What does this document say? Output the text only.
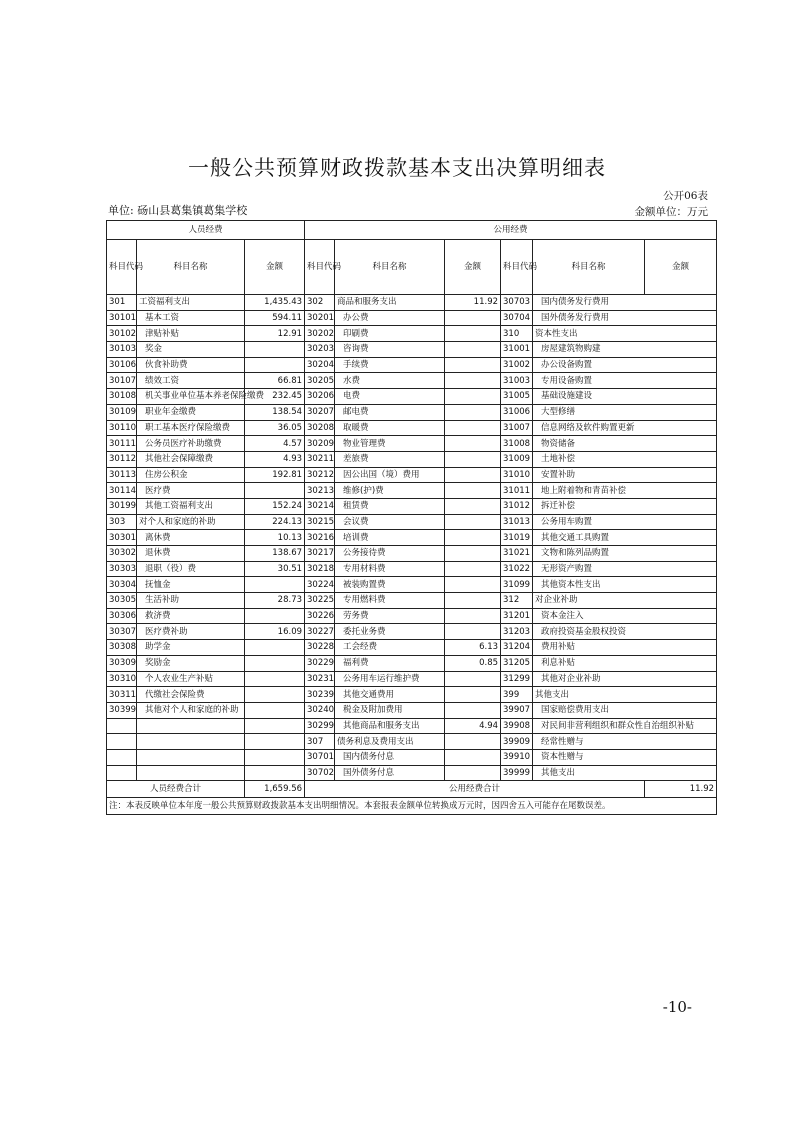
一般公共预算财政拨款基本支出决算明细表
公开06表
单位: 砀山县葛集镇葛集学校	金额单位：万元
人员经费			公用经费					
科目代码	科目名称	金额	科目代码	科目名称	金额	科目代码	科目名称	金额
301	工资福利支出	1,435.43	302	商品和服务支出	11.92	30703	国内债务发行费用	
30101	基本工资	594.11	30201	办公费		30704	国外债务发行费用	
30102	津贴补贴	12.91	30202	印刷费		310	资本性支出	
30103	奖金		30203	咨询费		31001	房屋建筑物购建	
30106	伙食补助费		30204	手续费		31002	办公设备购置	
30107	绩效工资	66.81	30205	水费		31003	专用设备购置	
30108	机关事业单位基本养老保险缴费	232.45	30206	电费		31005	基础设施建设	
30109	职业年金缴费	138.54	30207	邮电费		31006	大型修缮	
30110	职工基本医疗保险缴费	36.05	30208	取暖费		31007	信息网络及软件购置更新	
30111	公务员医疗补助缴费	4.57	30209	物业管理费		31008	物资储备	
30112	其他社会保障缴费	4.93	30211	差旅费		31009	土地补偿	
30113	住房公积金	192.81	30212	因公出国（境）费用		31010	安置补助	
30114	医疗费		30213	维修(护)费		31011	地上附着物和青苗补偿	
30199	其他工资福利支出	152.24	30214	租赁费		31012	拆迁补偿	
303	对个人和家庭的补助	224.13	30215	会议费		31013	公务用车购置	
30301	离休费	10.13	30216	培训费		31019	其他交通工具购置	
30302	退休费	138.67	30217	公务接待费		31021	文物和陈列品购置	
30303	退职（役）费	30.51	30218	专用材料费		31022	无形资产购置	
30304	抚恤金		30224	被装购置费		31099	其他资本性支出	
30305	生活补助	28.73	30225	专用燃料费		312	对企业补助	
30306	救济费		30226	劳务费		31201	资本金注入	
30307	医疗费补助	16.09	30227	委托业务费		31203	政府投资基金股权投资	
30308	助学金		30228	工会经费	6.13	31204	费用补贴	
30309	奖励金		30229	福利费	0.85	31205	利息补贴	
30310	个人农业生产补贴		30231	公务用车运行维护费		31299	其他对企业补助	
30311	代缴社会保险费		30239	其他交通费用		399	其他支出	
30399	其他对个人和家庭的补助		30240	税金及附加费用		39907	国家赔偿费用支出	
			30299	其他商品和服务支出	4.94	39908	对民间非营利组织和群众性自治组织补贴	
			307	债务利息及费用支出		39909	经常性赠与	
			30701	国内债务付息		39910	资本性赠与	
			30702	国外债务付息		39999	其他支出	
人员经费合计		1,659.56	公用经费合计					11.92
注：本表反映单位本年度一般公共预算财政拨款基本支出明细情况。本套报表金额单位转换成万元时，因四舍五入可能存在尾数误差。								
-10-
